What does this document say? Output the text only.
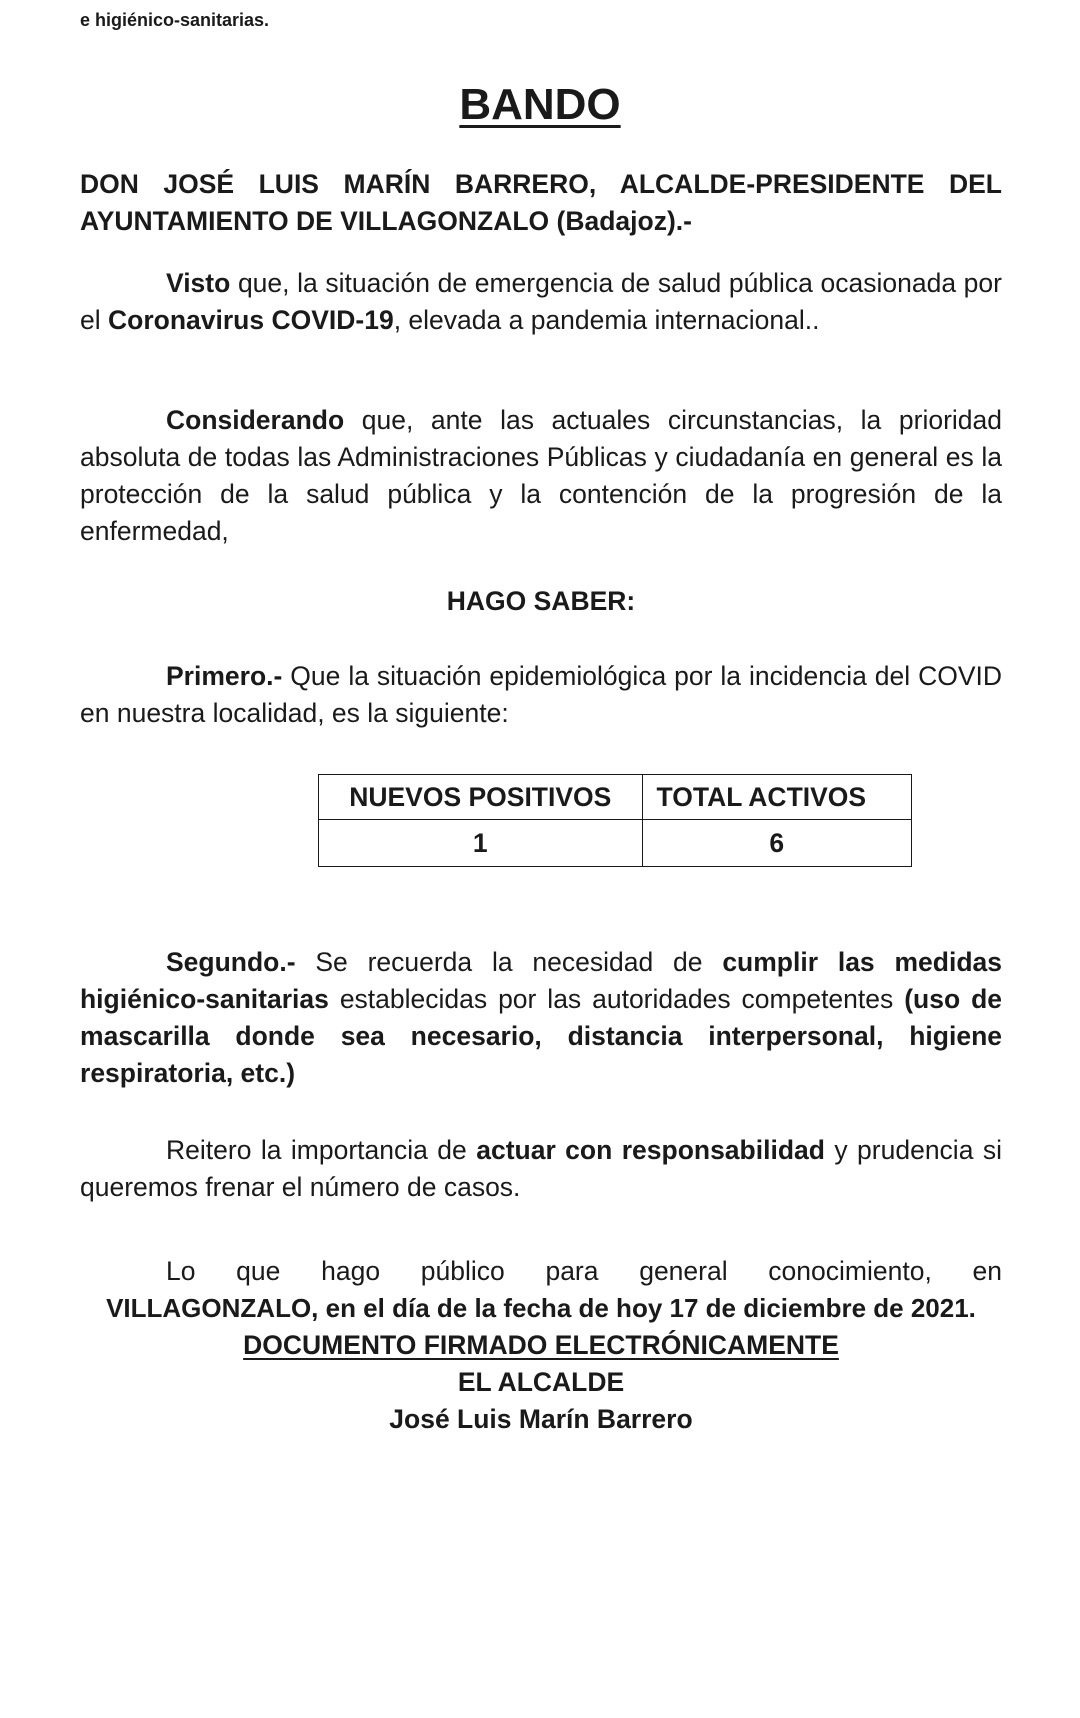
e higiénico-sanitarias.
BANDO
DON JOSÉ LUIS MARÍN BARRERO, ALCALDE-PRESIDENTE DEL AYUNTAMIENTO DE VILLAGONZALO (Badajoz).-
Visto que, la situación de emergencia de salud pública ocasionada por el Coronavirus COVID-19, elevada a pandemia internacional..
Considerando que, ante las actuales circunstancias, la prioridad absoluta de todas las Administraciones Públicas y ciudadanía en general es la protección de la salud pública y la contención de la progresión de la enfermedad,
HAGO SABER:
Primero.- Que la situación epidemiológica por la incidencia del COVID en nuestra localidad, es la siguiente:
NUEVOS POSITIVOS	TOTAL ACTIVOS
1	6
Segundo.- Se recuerda la necesidad de cumplir las medidas higiénico-sanitarias establecidas por las autoridades competentes (uso de mascarilla donde sea necesario, distancia interpersonal, higiene respiratoria, etc.)
Reitero la importancia de actuar con responsabilidad y prudencia si queremos frenar el número de casos.
Lo que hago público para general conocimiento, en
VILLAGONZALO, en el día de la fecha de hoy 17 de diciembre de 2021.
DOCUMENTO FIRMADO ELECTRÓNICAMENTE
EL ALCALDE
José Luis Marín Barrero
